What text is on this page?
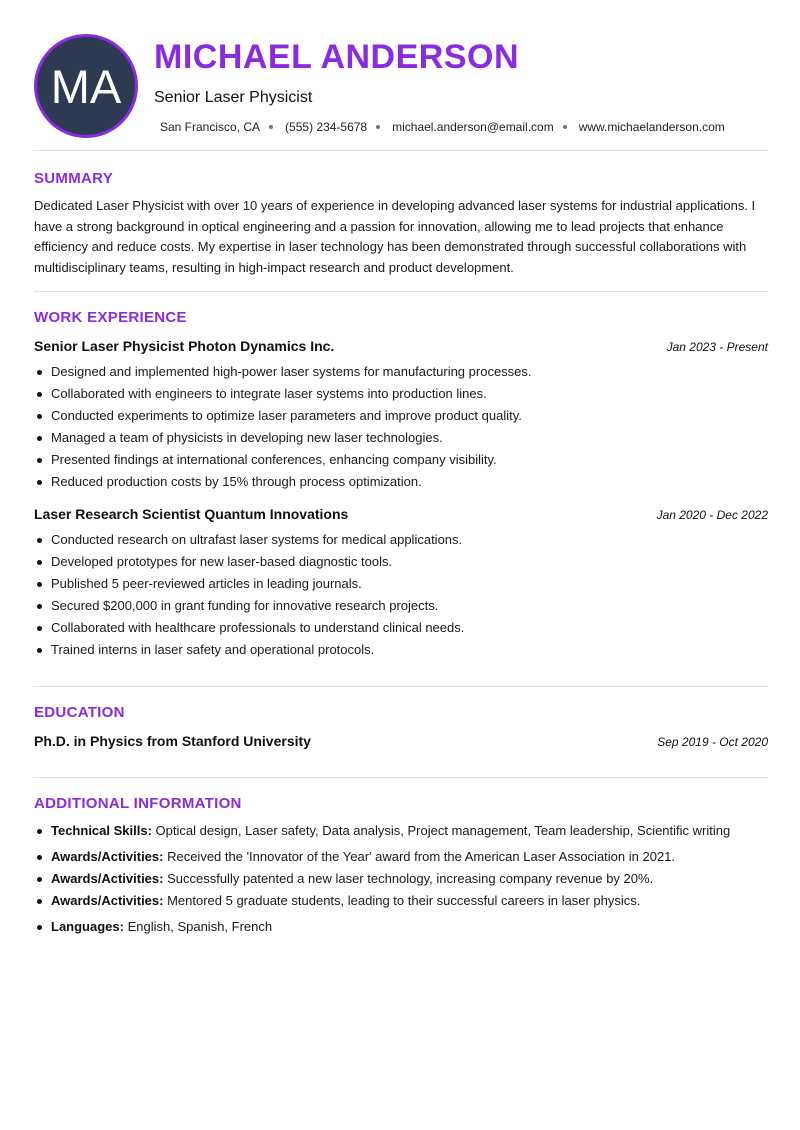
MA
MICHAEL ANDERSON
Senior Laser Physicist
San Francisco, CA (555) 234-5678 michael.anderson@email.com www.michaelanderson.com
SUMMARY

Dedicated Laser Physicist with over 10 years of experience in developing advanced laser systems for industrial applications. I have a strong background in optical engineering and a passion for innovation, allowing me to lead projects that enhance efficiency and reduce costs. My expertise in laser technology has been demonstrated through successful collaborations with multidisciplinary teams, resulting in high-impact research and product development.

WORK EXPERIENCE
Senior Laser Physicist Photon Dynamics Inc.	Jan 2023 - Present
Designed and implemented high-power laser systems for manufacturing processes.
Collaborated with engineers to integrate laser systems into production lines.
Conducted experiments to optimize laser parameters and improve product quality.
Managed a team of physicists in developing new laser technologies.
Presented findings at international conferences, enhancing company visibility.
Reduced production costs by 15% through process optimization.
Laser Research Scientist Quantum Innovations	Jan 2020 - Dec 2022
Conducted research on ultrafast laser systems for medical applications.
Developed prototypes for new laser-based diagnostic tools.
Published 5 peer-reviewed articles in leading journals.
Secured $200,000 in grant funding for innovative research projects.
Collaborated with healthcare professionals to understand clinical needs.
Trained interns in laser safety and operational protocols.
EDUCATION
Ph.D. in Physics from Stanford University	Sep 2019 - Oct 2020
ADDITIONAL INFORMATION
Technical Skills: Optical design, Laser safety, Data analysis, Project management, Team leadership, Scientific writing
Awards/Activities: Received the 'Innovator of the Year' award from the American Laser Association in 2021.
Awards/Activities: Successfully patented a new laser technology, increasing company revenue by 20%.
Awards/Activities: Mentored 5 graduate students, leading to their successful careers in laser physics.
Languages: English, Spanish, French
